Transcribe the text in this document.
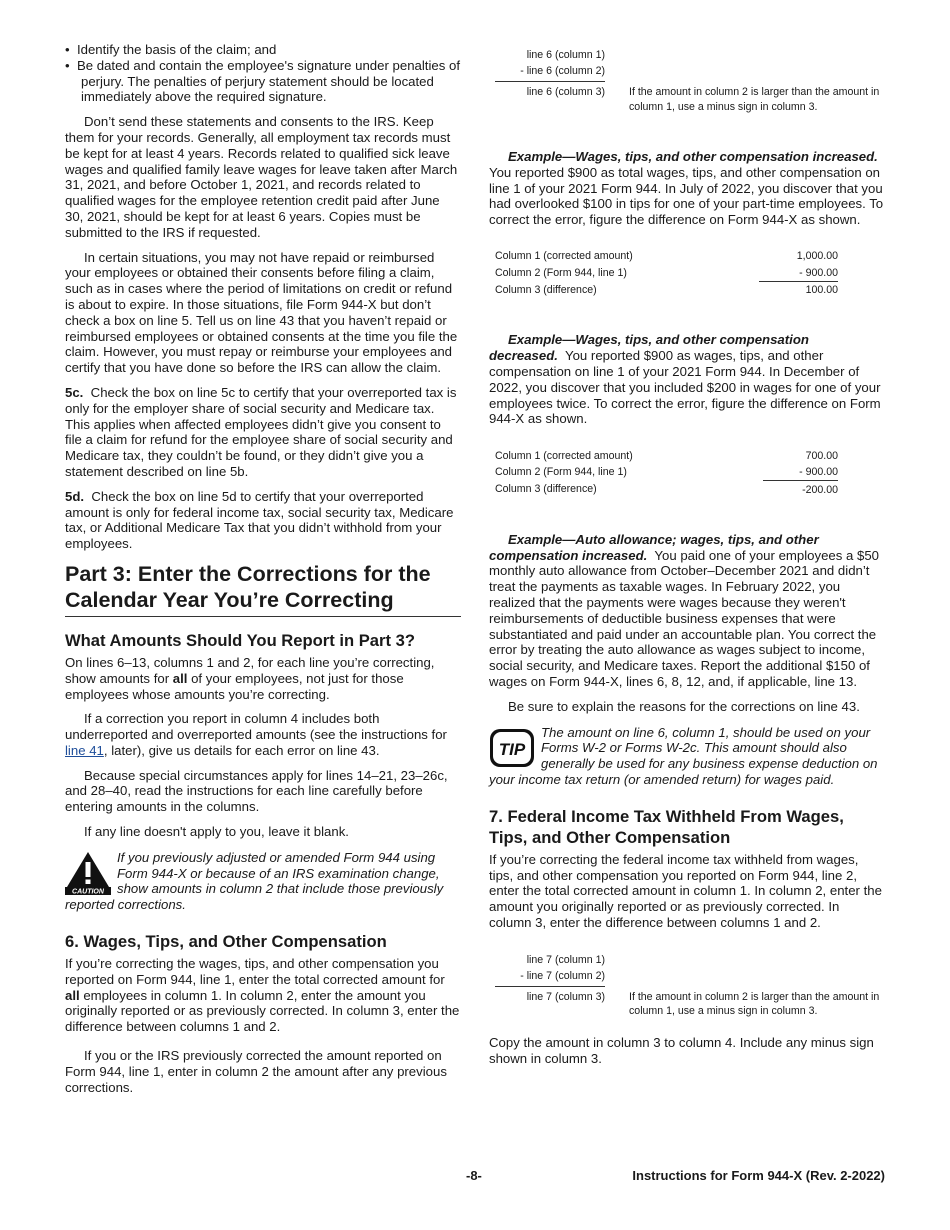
•  Identify the basis of the claim; and

•  Be dated and contain the employee's signature under penalties of perjury. The penalties of perjury statement should be located immediately above the required signature.

Don’t send these statements and consents to the IRS. Keep them for your records. Generally, all employment tax records must be kept for at least 4 years. Records related to qualified sick leave wages and qualified family leave wages for leave taken after March 31, 2021, and before October 1, 2021, and records related to qualified wages for the employee retention credit paid after June 30, 2021, should be kept for at least 6 years. Copies must be submitted to the IRS if requested.

In certain situations, you may not have repaid or reimbursed your employees or obtained their consents before filing a claim, such as in cases where the period of limitations on credit or refund is about to expire. In those situations, file Form 944-X but don’t check a box on line 5. Tell us on line 43 that you haven’t repaid or reimbursed employees or obtained consents at the time you file the claim. However, you must repay or reimburse your employees and certify that you have done so before the IRS can allow the claim.

5c. Check the box on line 5c to certify that your overreported tax is only for the employer share of social security and Medicare tax. This applies when affected employees didn’t give you consent to file a claim for refund for the employee share of social security and Medicare tax, they couldn’t be found, or they didn’t give you a statement described on line 5b.

5d. Check the box on line 5d to certify that your overreported amount is only for federal income tax, social security tax, Medicare tax, or Additional Medicare Tax that you didn’t withhold from your employees.

Part 3: Enter the Corrections for the Calendar Year You’re Correcting
What Amounts Should You Report in Part 3?

On lines 6–13, columns 1 and 2, for each line you’re correcting, show amounts for all of your employees, not just for those employees whose amounts you’re correcting.

If a correction you report in column 4 includes both underreported and overreported amounts (see the instructions for line 41, later), give us details for each error on line 43.

Because special circumstances apply for lines 14–21, 23–26c, and 28–40, read the instructions for each line carefully before entering amounts in the columns.

If any line doesn't apply to you, leave it blank.

CAUTION

If you previously adjusted or amended Form 944 using Form 944-X or because of an IRS examination change, show amounts in column 2 that include those previously reported corrections.

6. Wages, Tips, and Other Compensation

If you’re correcting the wages, tips, and other compensation you reported on Form 944, line 1, enter the total corrected amount for all employees in column 1. In column 2, enter the amount you originally reported or as previously corrected. In column 3, enter the difference between columns 1 and 2.

If you or the IRS previously corrected the amount reported on Form 944, line 1, enter in column 2 the amount after any previous corrections.

line 6 (column 1)
- line 6 (column 2)
line 6 (column 3) If the amount in column 2 is larger than the amount in column 1, use a minus sign in column 3.

Example—Wages, tips, and other compensation increased.  You reported $900 as total wages, tips, and other compensation on line 1 of your 2021 Form 944. In July of 2022, you discover that you had overlooked $100 in tips for one of your part-time employees. To correct the error, figure the difference on Form 944-X as shown.

Column 1 (corrected amount)	1,000.00
Column 2 (Form 944, line 1)	- 900.00
Column 3 (difference)	100.00

Example—Wages, tips, and other compensation decreased. You reported $900 as wages, tips, and other compensation on line 1 of your 2021 Form 944. In December of 2022, you discover that you included $200 in wages for one of your employees twice. To correct the error, figure the difference on Form 944-X as shown.

Column 1 (corrected amount)	700.00
Column 2 (Form 944, line 1)	- 900.00
Column 3 (difference)	-200.00

Example—Auto allowance; wages, tips, and other compensation increased. You paid one of your employees a $50 monthly auto allowance from October–December 2021 and didn’t treat the payments as taxable wages. In February 2022, you realized that the payments were wages because they weren't reimbursements of deductible business expenses that were substantiated and paid under an accountable plan. You correct the error by treating the auto allowance as wages subject to income, social security, and Medicare taxes. Report the additional $150 of wages on Form 944-X, lines 6, 8, 12, and, if applicable, line 13.

Be sure to explain the reasons for the corrections on line 43.

TIP

The amount on line 6, column 1, should be used on your Forms W-2 or Forms W-2c. This amount should also generally be used for any business expense deduction on your income tax return (or amended return) for wages paid.

7. Federal Income Tax Withheld From Wages, Tips, and Other Compensation

If you’re correcting the federal income tax withheld from wages, tips, and other compensation you reported on Form 944, line 2, enter the total corrected amount in column 1. In column 2, enter the amount you originally reported or as previously corrected. In column 3, enter the difference between columns 1 and 2.

line 7 (column 1)
- line 7 (column 2)
line 7 (column 3) If the amount in column 2 is larger than the amount in column 1, use a minus sign in column 3.

Copy the amount in column 3 to column 4. Include any minus sign shown in column 3.

-8-	Instructions for Form 944-X (Rev. 2-2022)
